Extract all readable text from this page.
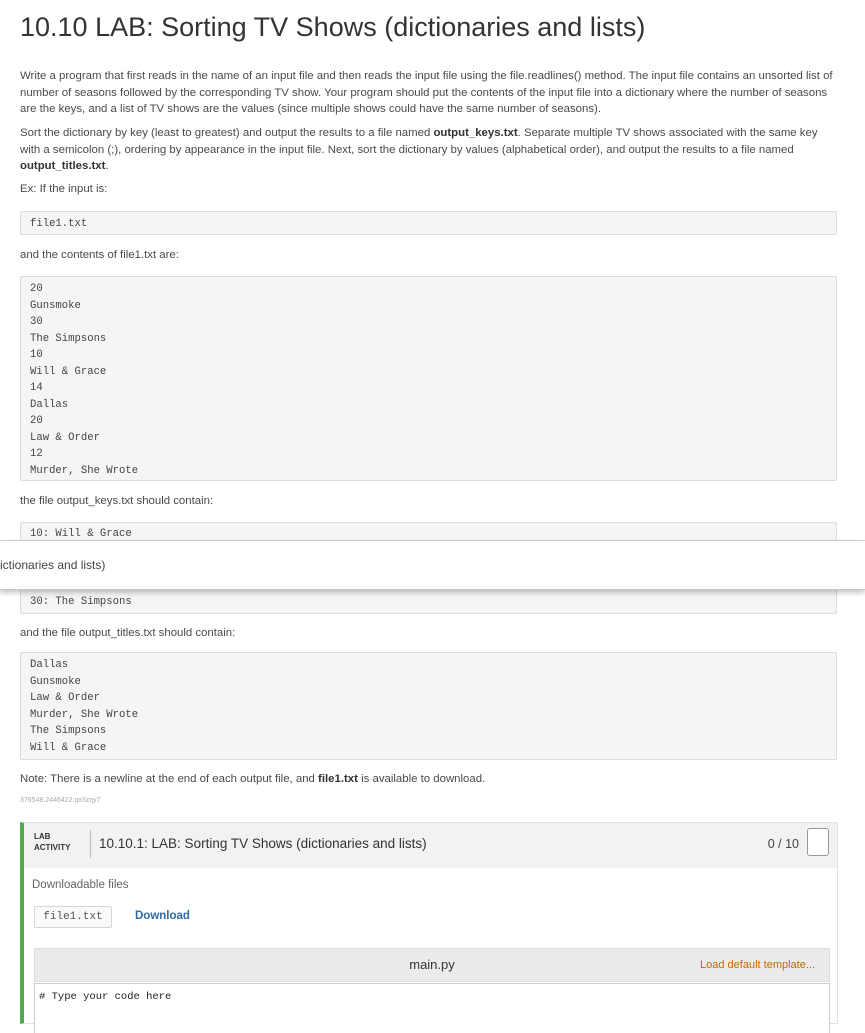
10.10 LAB: Sorting TV Shows (dictionaries and lists)

Write a program that first reads in the name of an input file and then reads the input file using the file.readlines() method. The input file contains an unsorted list of number of seasons followed by the corresponding TV show. Your program should put the contents of the input file into a dictionary where the number of seasons are the keys, and a list of TV shows are the values (since multiple shows could have the same number of seasons).

Sort the dictionary by key (least to greatest) and output the results to a file named output_keys.txt. Separate multiple TV shows associated with the same key with a semicolon (;), ordering by appearance in the input file. Next, sort the dictionary by values (alphabetical order), and output the results to a file named output_titles.txt.

Ex: If the input is:

file1.txt

and the contents of file1.txt are:

20
Gunsmoke
30
The Simpsons
10
Will & Grace
14
Dallas
20
Law & Order
12
Murder, She Wrote

the file output_keys.txt should contain:

10: Will & Grace
30: The Simpsons
ictionaries and lists)

and the file output_titles.txt should contain:

Dallas
Gunsmoke
Law & Order
Murder, She Wrote
The Simpsons
Will & Grace

Note: There is a newline at the end of each output file, and file1.txt is available to download.

376548.2446422.qx3zqy7
LAB
ACTIVITY	10.10.1: LAB: Sorting TV Shows (dictionaries and lists)	0 / 10
Downloadable files
file1.txt	Download
main.py	Load default template...
# Type your code here
